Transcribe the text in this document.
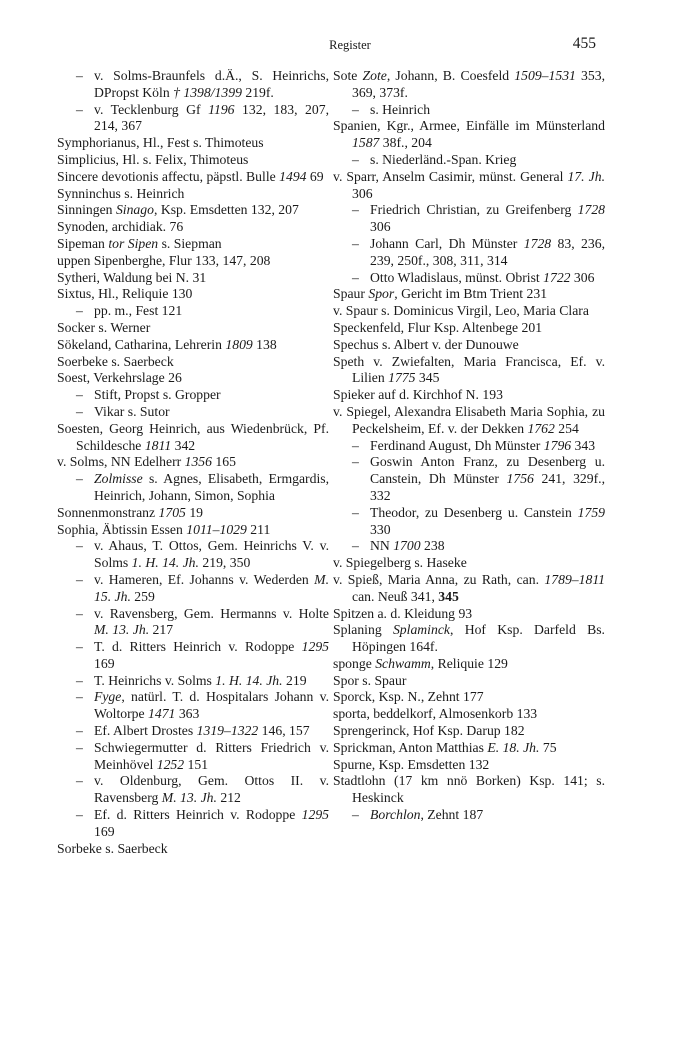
Register	455

– v. Solms-Braunfels d.Ä., S. Heinrichs, DPropst Köln † 1398/1399 219f.

– v. Tecklenburg Gf 1196 132, 183, 207, 214, 367

Symphorianus, Hl., Fest s. Thimoteus

Simplicius, Hl. s. Felix, Thimoteus

Sincere devotionis affectu, päpstl. Bulle 1494 69

Synninchus s. Heinrich

Sinningen Sinago, Ksp. Emsdetten 132, 207

Synoden, archidiak. 76

Sipeman tor Sipen s. Siepman

uppen Sipenberghe, Flur 133, 147, 208

Sytheri, Waldung bei N. 31

Sixtus, Hl., Reliquie 130

– pp. m., Fest 121

Socker s. Werner

Sökeland, Catharina, Lehrerin 1809 138

Soerbeke s. Saerbeck

Soest, Verkehrslage 26

– Stift, Propst s. Gropper

– Vikar s. Sutor

Soesten, Georg Heinrich, aus Wiedenbrück, Pf. Schildesche 1811 342

v. Solms, NN Edelherr 1356 165

– Zolmisse s. Agnes, Elisabeth, Ermgardis, Heinrich, Johann, Simon, Sophia

Sonnenmonstranz 1705 19

Sophia, Äbtissin Essen 1011–1029 211

– v. Ahaus, T. Ottos, Gem. Heinrichs V. v. Solms 1. H. 14. Jh. 219, 350

– v. Hameren, Ef. Johanns v. Wederden M. 15. Jh. 259

– v. Ravensberg, Gem. Hermanns v. Holte M. 13. Jh. 217

– T. d. Ritters Heinrich v. Rodoppe 1295 169

– T. Heinrichs v. Solms 1. H. 14. Jh. 219

– Fyge, natürl. T. d. Hospitalars Johann v. Woltorpe 1471 363

– Ef. Albert Drostes 1319–1322 146, 157

– Schwiegermutter d. Ritters Friedrich v. Meinhövel 1252 151

– v. Oldenburg, Gem. Ottos II. v. Ravensberg M. 13. Jh. 212

– Ef. d. Ritters Heinrich v. Rodoppe 1295 169

Sorbeke s. Saerbeck

Sote Zote, Johann, B. Coesfeld 1509–1531 353, 369, 373f.

– s. Heinrich

Spanien, Kgr., Armee, Einfälle im Münsterland 1587 38f., 204

– s. Niederländ.-Span. Krieg

v. Sparr, Anselm Casimir, münst. General 17. Jh. 306

– Friedrich Christian, zu Greifenberg 1728 306

– Johann Carl, Dh Münster 1728 83, 236, 239, 250f., 308, 311, 314

– Otto Wladislaus, münst. Obrist 1722 306

Spaur Spor, Gericht im Btm Trient 231

v. Spaur s. Dominicus Virgil, Leo, Maria Clara

Speckenfeld, Flur Ksp. Altenbege 201

Spechus s. Albert v. der Dunouwe

Speth v. Zwiefalten, Maria Francisca, Ef. v. Lilien 1775 345

Spieker auf d. Kirchhof N. 193

v. Spiegel, Alexandra Elisabeth Maria Sophia, zu Peckelsheim, Ef. v. der Dekken 1762 254

– Ferdinand August, Dh Münster 1796 343

– Goswin Anton Franz, zu Desenberg u. Canstein, Dh Münster 1756 241, 329f., 332

– Theodor, zu Desenberg u. Canstein 1759 330

– NN 1700 238

v. Spiegelberg s. Haseke

v. Spieß, Maria Anna, zu Rath, can. 1789–1811 can. Neuß 341, 345

Spitzen a. d. Kleidung 93

Splaning Splaminck, Hof Ksp. Darfeld Bs. Höpingen 164f.

sponge Schwamm, Reliquie 129

Spor s. Spaur

Sporck, Ksp. N., Zehnt 177

sporta, beddelkorf, Almosenkorb 133

Sprengerinck, Hof Ksp. Darup 182

Sprickman, Anton Matthias E. 18. Jh. 75

Spurne, Ksp. Emsdetten 132

Stadtlohn (17 km nnö Borken) Ksp. 141; s. Heskinck

– Borchlon, Zehnt 187
